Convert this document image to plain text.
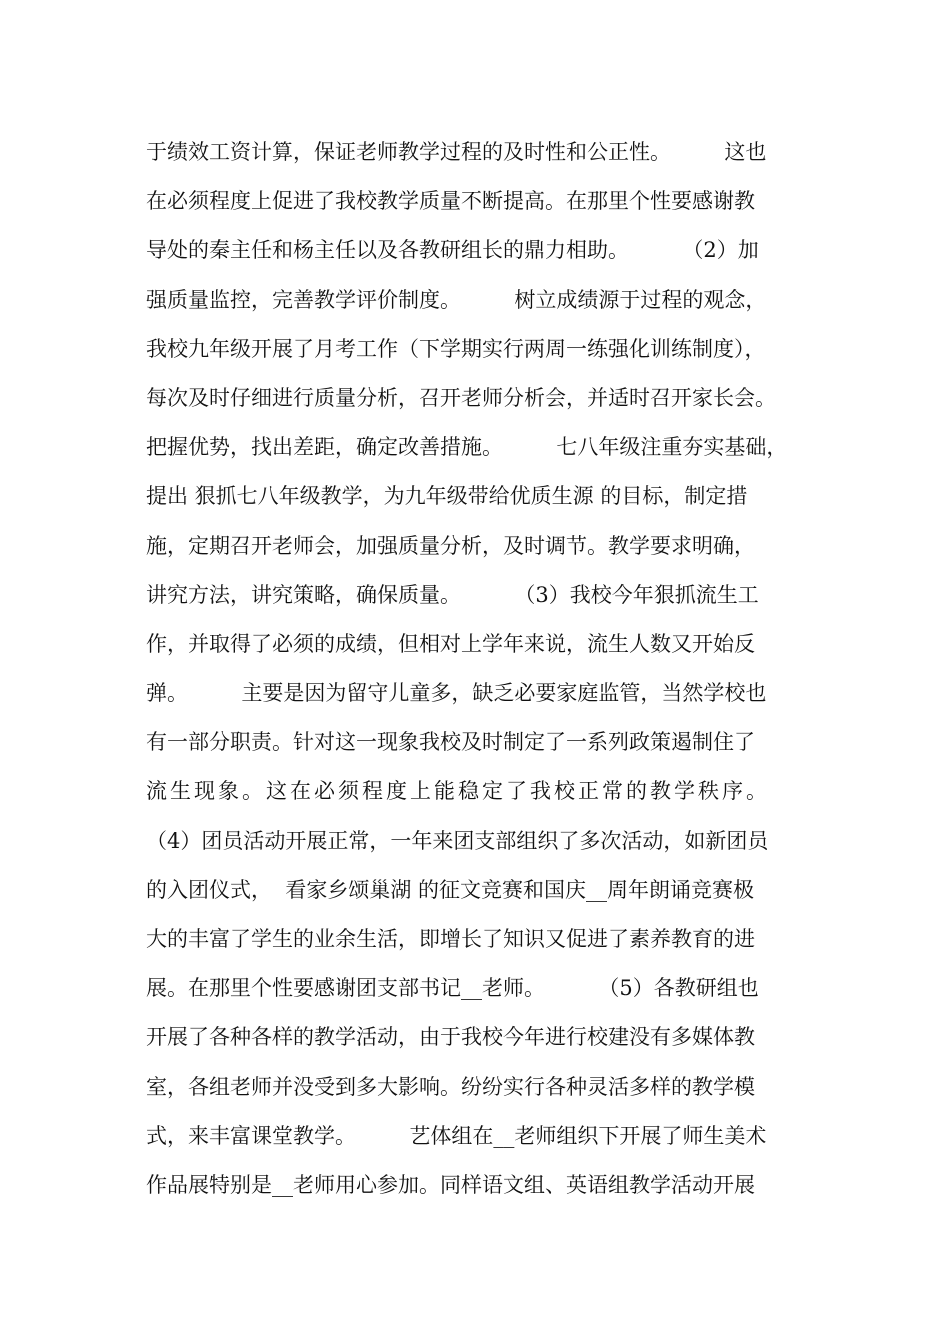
于绩效工资计算，保证老师教学过程的及时性和公正性。        这也
在必须程度上促进了我校教学质量不断提高。在那里个性要感谢教
导处的秦主任和杨主任以及各教研组长的鼎力相助。        （2）加
强质量监控，完善教学评价制度。        树立成绩源于过程的观念，
我校九年级开展了月考工作（下学期实行两周一练强化训练制度），
每次及时仔细进行质量分析，召开老师分析会，并适时召开家长会。
把握优势，找出差距，确定改善措施。        七八年级注重夯实基础，
提出 狠抓七八年级教学，为九年级带给优质生源 的目标，制定措
施，定期召开老师会，加强质量分析，及时调节。教学要求明确，
讲究方法，讲究策略，确保质量。        （3）我校今年狠抓流生工
作，并取得了必须的成绩，但相对上学年来说，流生人数又开始反
弹。        主要是因为留守儿童多，缺乏必要家庭监管，当然学校也
有一部分职责。针对这一现象我校及时制定了一系列政策遏制住了
流生现象。这在必须程度上能稳定了我校正常的教学秩序。
（4）团员活动开展正常，一年来团支部组织了多次活动，如新团员
的入团仪式，  看家乡颂巢湖 的征文竞赛和国庆__周年朗诵竞赛极
大的丰富了学生的业余生活，即增长了知识又促进了素养教育的进
展。在那里个性要感谢团支部书记__老师。        （5）各教研组也
开展了各种各样的教学活动，由于我校今年进行校建没有多媒体教
室，各组老师并没受到多大影响。纷纷实行各种灵活多样的教学模
式，来丰富课堂教学。        艺体组在__老师组织下开展了师生美术
作品展特别是__老师用心参加。同样语文组、英语组教学活动开展
